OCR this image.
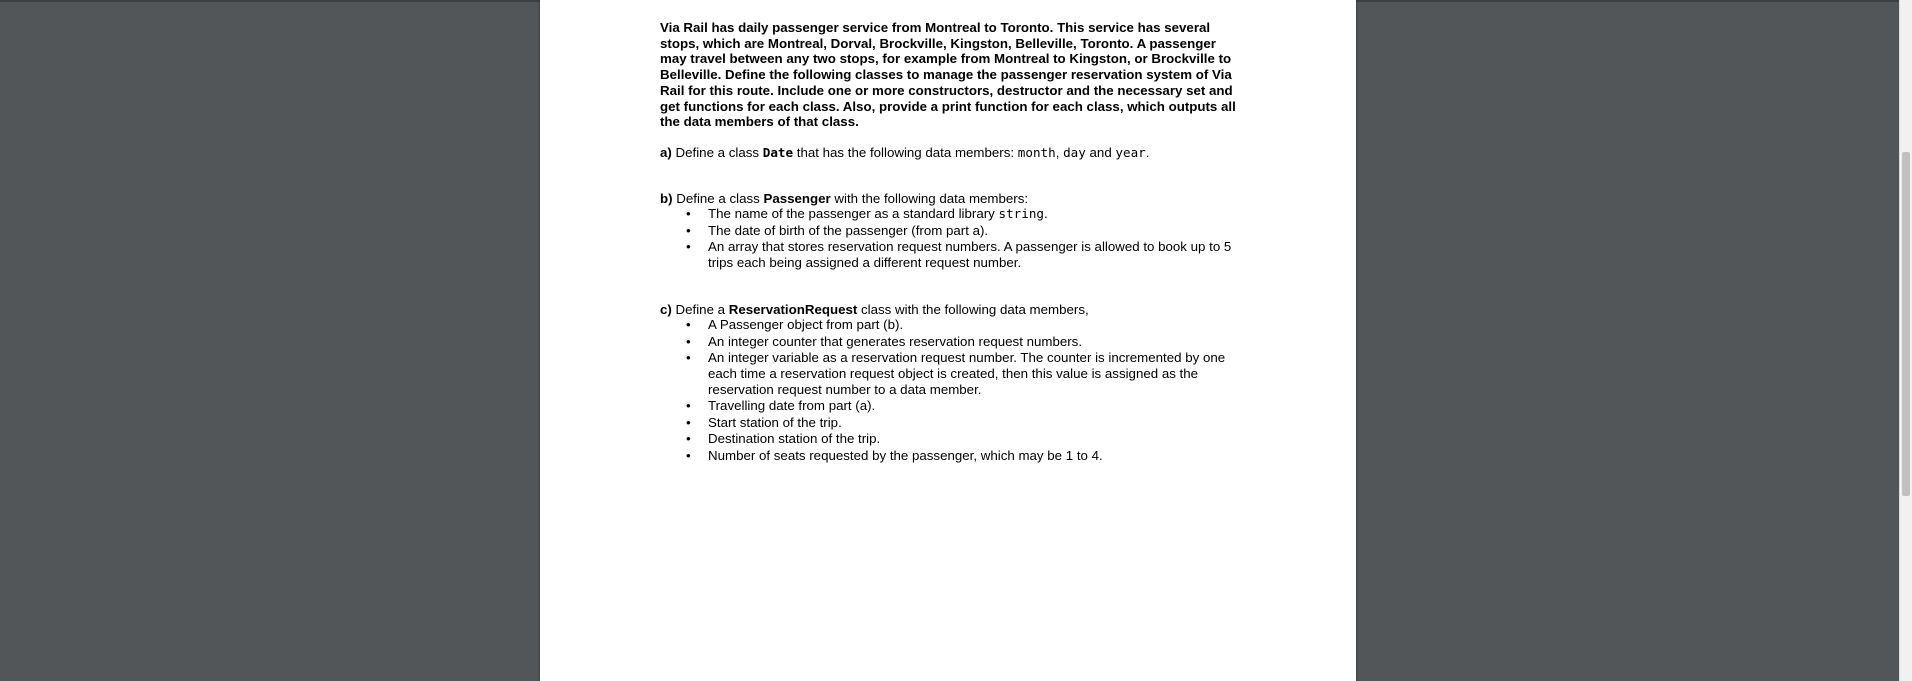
Via Rail has daily passenger service from Montreal to Toronto. This service has several stops, which are Montreal, Dorval, Brockville, Kingston, Belleville, Toronto. A passenger may travel between any two stops, for example from Montreal to Kingston, or Brockville to Belleville. Define the following classes to manage the passenger reservation system of Via Rail for this route. Include one or more constructors, destructor and the necessary set and get functions for each class. Also, provide a print function for each class, which outputs all the data members of that class.

a) Define a class Date that has the following data members: month, day and year.

b) Define a class Passenger with the following data members:

• The name of the passenger as a standard library string.
• The date of birth of the passenger (from part a).
• An array that stores reservation request numbers. A passenger is allowed to book up to 5 trips each being assigned a different request number.

c) Define a ReservationRequest class with the following data members,

• A Passenger object from part (b).
• An integer counter that generates reservation request numbers.
• An integer variable as a reservation request number. The counter is incremented by one each time a reservation request object is created, then this value is assigned as the reservation request number to a data member.
• Travelling date from part (a).
• Start station of the trip.
• Destination station of the trip.
• Number of seats requested by the passenger, which may be 1 to 4.
